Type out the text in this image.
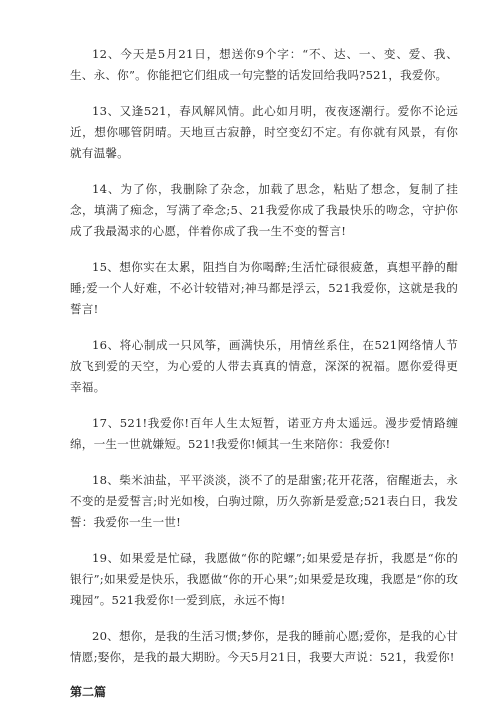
12、今天是5月21日，想送你9个字：“不、达、一、变、爱、我、生、永、你”。你能把它们组成一句完整的话发回给我吗?521，我爱你。

13、又逢521，春风解风情。此心如月明，夜夜逐潮行。爱你不论远近，想你哪管阴晴。天地亘古寂静，时空变幻不定。有你就有风景，有你就有温馨。

14、为了你，我删除了杂念，加载了思念，粘贴了想念，复制了挂念，填满了痴念，写满了牵念;5、21我爱你成了我最快乐的吻念，守护你成了我最渴求的心愿，伴着你成了我一生不变的誓言!

15、想你实在太累，阻挡自为你喝醉;生活忙碌很疲惫，真想平静的酣睡;爱一个人好难，不必计较错对;神马都是浮云，521我爱你，这就是我的誓言!

16、将心制成一只风筝，画满快乐，用情丝系住，在521网络情人节放飞到爱的天空，为心爱的人带去真真的情意，深深的祝福。愿你爱得更幸福。

17、521!我爱你!百年人生太短暂，诺亚方舟太遥远。漫步爱情路缠绵，一生一世就嫌短。521!我爱你!倾其一生来陪你：我爱你!

18、柴米油盐，平平淡淡，淡不了的是甜蜜;花开花落，宿醒逝去，永不变的是爱誓言;时光如梭，白驹过隙，历久弥新是爱意;521表白日，我发誓：我爱你一生一世!

19、如果爱是忙碌，我愿做“你的陀螺”;如果爱是存折，我愿是“你的银行”;如果爱是快乐，我愿做“你的开心果”;如果爱是玫瑰，我愿是“你的玫瑰园”。521我爱你!一爱到底，永远不悔!

20、想你，是我的生活习惯;梦你，是我的睡前心愿;爱你，是我的心甘情愿;娶你，是我的最大期盼。今天5月21日，我要大声说：521，我爱你!

第二篇
